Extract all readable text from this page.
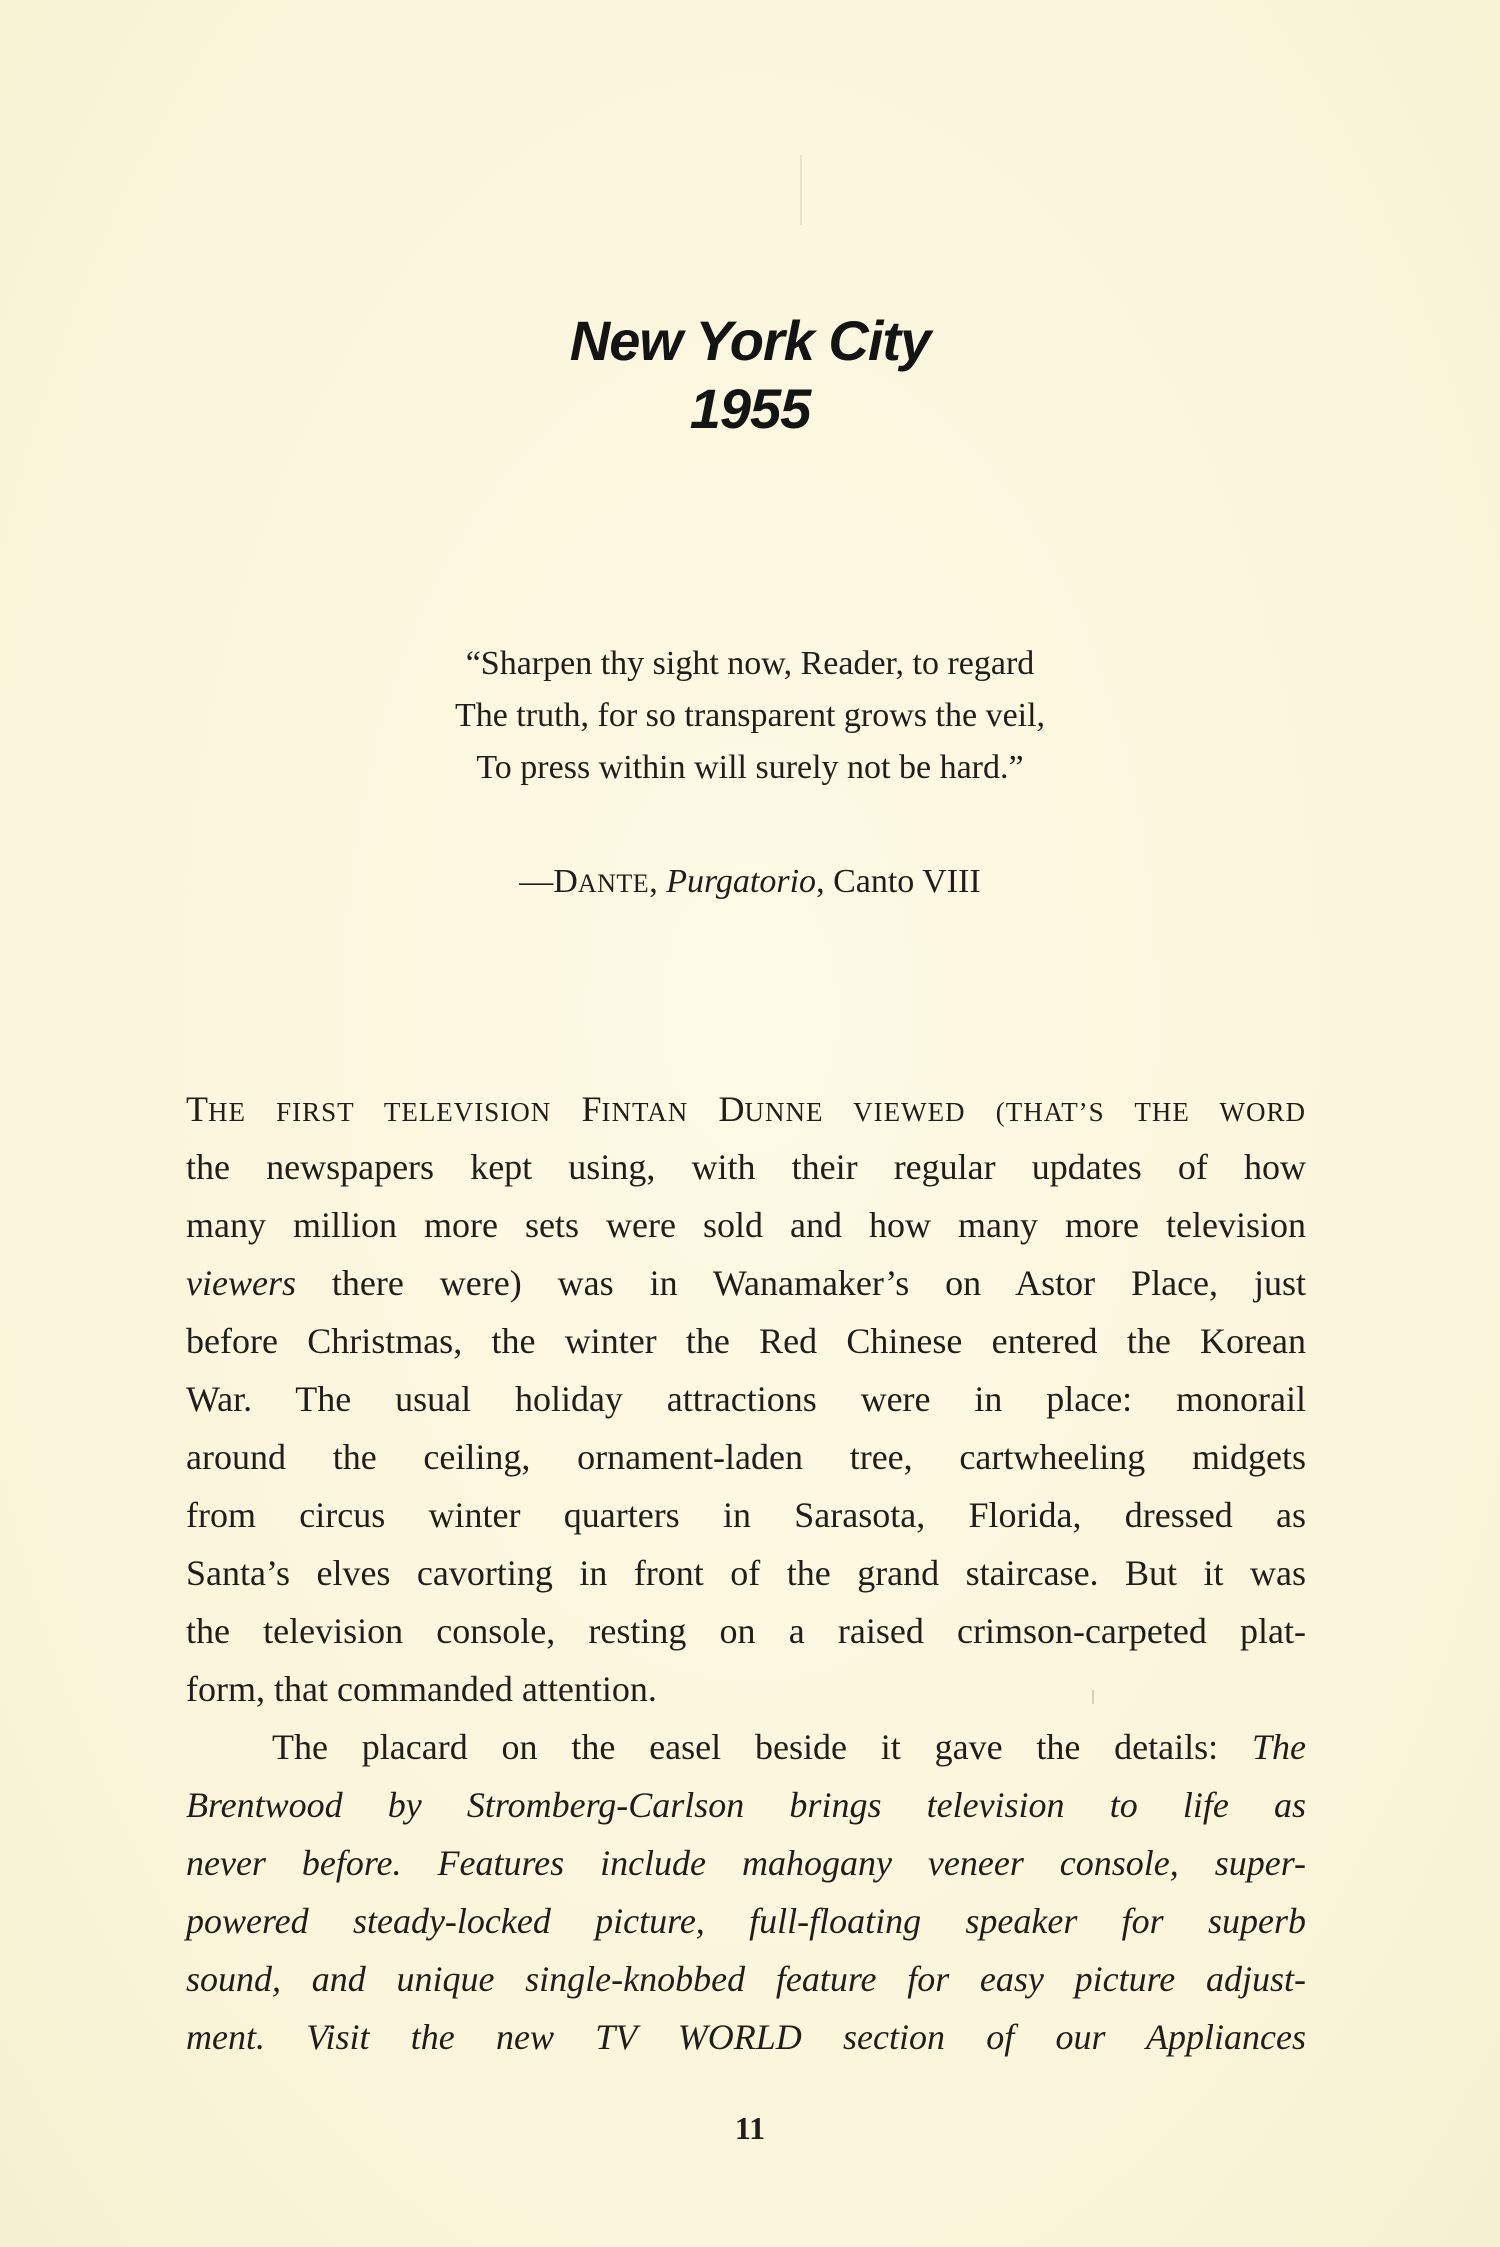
New York City
1955
“Sharpen thy sight now, Reader, to regard
The truth, for so transparent grows the veil,
To press within will surely not be hard.”
—DANTE, Purgatorio, Canto VIII
THE FIRST TELEVISION FINTAN DUNNE VIEWED (THAT’S THE WORD
the newspapers kept using, with their regular updates of how
many million more sets were sold and how many more television
viewers there were) was in Wanamaker’s on Astor Place, just
before Christmas, the winter the Red Chinese entered the Korean
War. The usual holiday attractions were in place: monorail
around the ceiling, ornament-laden tree, cartwheeling midgets
from circus winter quarters in Sarasota, Florida, dressed as
Santa’s elves cavorting in front of the grand staircase. But it was
the television console, resting on a raised crimson-carpeted plat-
form, that commanded attention.
The placard on the easel beside it gave the details: The
Brentwood by Stromberg-Carlson brings television to life as
never before. Features include mahogany veneer console, super-
powered steady-locked picture, full-floating speaker for superb
sound, and unique single-knobbed feature for easy picture adjust-
ment. Visit the new TV WORLD section of our Appliances
11
